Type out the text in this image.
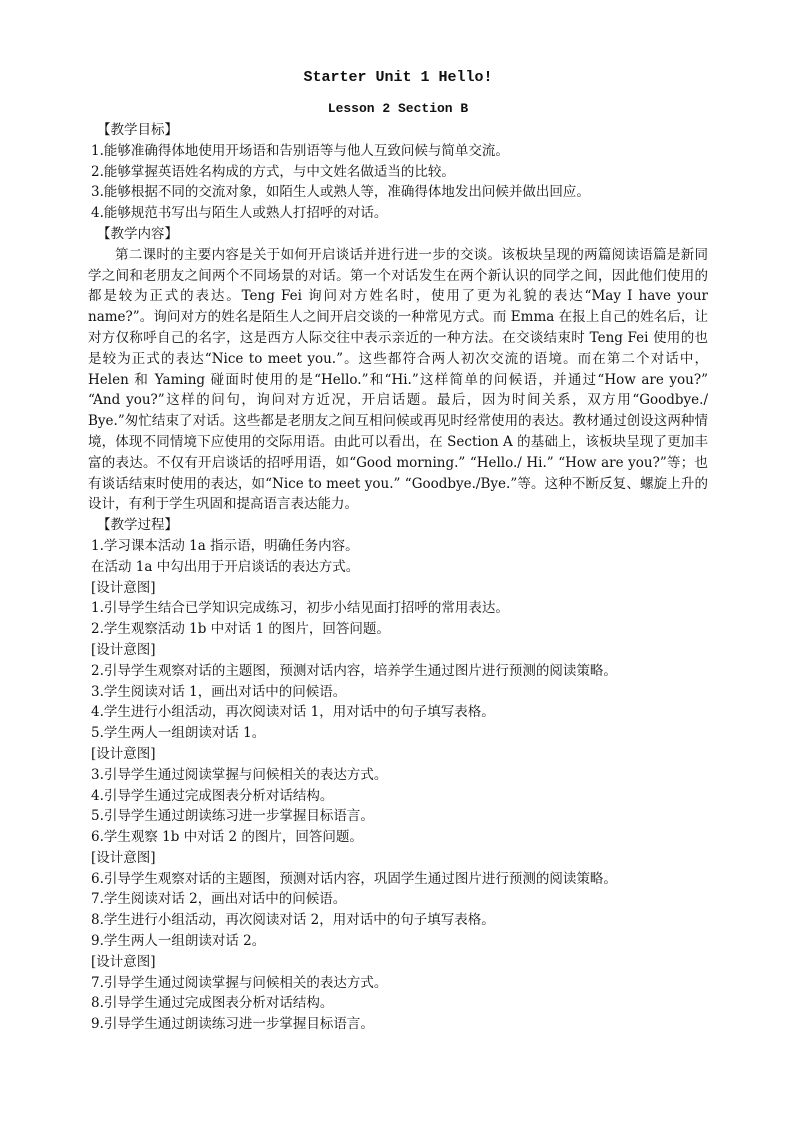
Starter Unit 1 Hello!
Lesson 2 Section B
【教学目标】
1.能够准确得体地使用开场语和告别语等与他人互致问候与简单交流。
2.能够掌握英语姓名构成的方式，与中文姓名做适当的比较。
3.能够根据不同的交流对象，如陌生人或熟人等，准确得体地发出问候并做出回应。
4.能够规范书写出与陌生人或熟人打招呼的对话。
【教学内容】

第二课时的主要内容是关于如何开启谈话并进行进一步的交谈。该板块呈现的两篇阅读语篇是新同学之间和老朋友之间两个不同场景的对话。第一个对话发生在两个新认识的同学之间，因此他们使用的都是较为正式的表达。Teng Fei 询问对方姓名时，使用了更为礼貌的表达“May I have your name?”。询问对方的姓名是陌生人之间开启交谈的一种常见方式。而 Emma 在报上自己的姓名后，让对方仅称呼自己的名字，这是西方人际交往中表示亲近的一种方法。在交谈结束时 Teng Fei 使用的也是较为正式的表达“Nice to meet you.”。这些都符合两人初次交流的语境。而在第二个对话中，Helen 和 Yaming 碰面时使用的是“Hello.”和“Hi.”这样简单的问候语，并通过“How are you?” “And you?”这样的问句，询问对方近况，开启话题。最后，因为时间关系，双方用“Goodbye./ Bye.”匆忙结束了对话。这些都是老朋友之间互相问候或再见时经常使用的表达。教材通过创设这两种情境，体现不同情境下应使用的交际用语。由此可以看出，在 Section A 的基础上，该板块呈现了更加丰富的表达。不仅有开启谈话的招呼用语，如“Good morning.” “Hello./ Hi.” “How are you?”等；也有谈话结束时使用的表达，如“Nice to meet you.” “Goodbye./Bye.”等。这种不断反复、螺旋上升的设计，有利于学生巩固和提高语言表达能力。

【教学过程】
1.学习课本活动 1a 指示语，明确任务内容。
在活动 1a 中勾出用于开启谈话的表达方式。
[设计意图]
1.引导学生结合已学知识完成练习，初步小结见面打招呼的常用表达。
2.学生观察活动 1b 中对话 1 的图片，回答问题。
[设计意图]
2.引导学生观察对话的主题图，预测对话内容，培养学生通过图片进行预测的阅读策略。
3.学生阅读对话 1，画出对话中的问候语。
4.学生进行小组活动，再次阅读对话 1，用对话中的句子填写表格。
5.学生两人一组朗读对话 1。
[设计意图]
3.引导学生通过阅读掌握与问候相关的表达方式。
4.引导学生通过完成图表分析对话结构。
5.引导学生通过朗读练习进一步掌握目标语言。
6.学生观察 1b 中对话 2 的图片，回答问题。
[设计意图]
6.引导学生观察对话的主题图，预测对话内容，巩固学生通过图片进行预测的阅读策略。
7.学生阅读对话 2，画出对话中的问候语。
8.学生进行小组活动，再次阅读对话 2，用对话中的句子填写表格。
9.学生两人一组朗读对话 2。
[设计意图]
7.引导学生通过阅读掌握与问候相关的表达方式。
8.引导学生通过完成图表分析对话结构。
9.引导学生通过朗读练习进一步掌握目标语言。
